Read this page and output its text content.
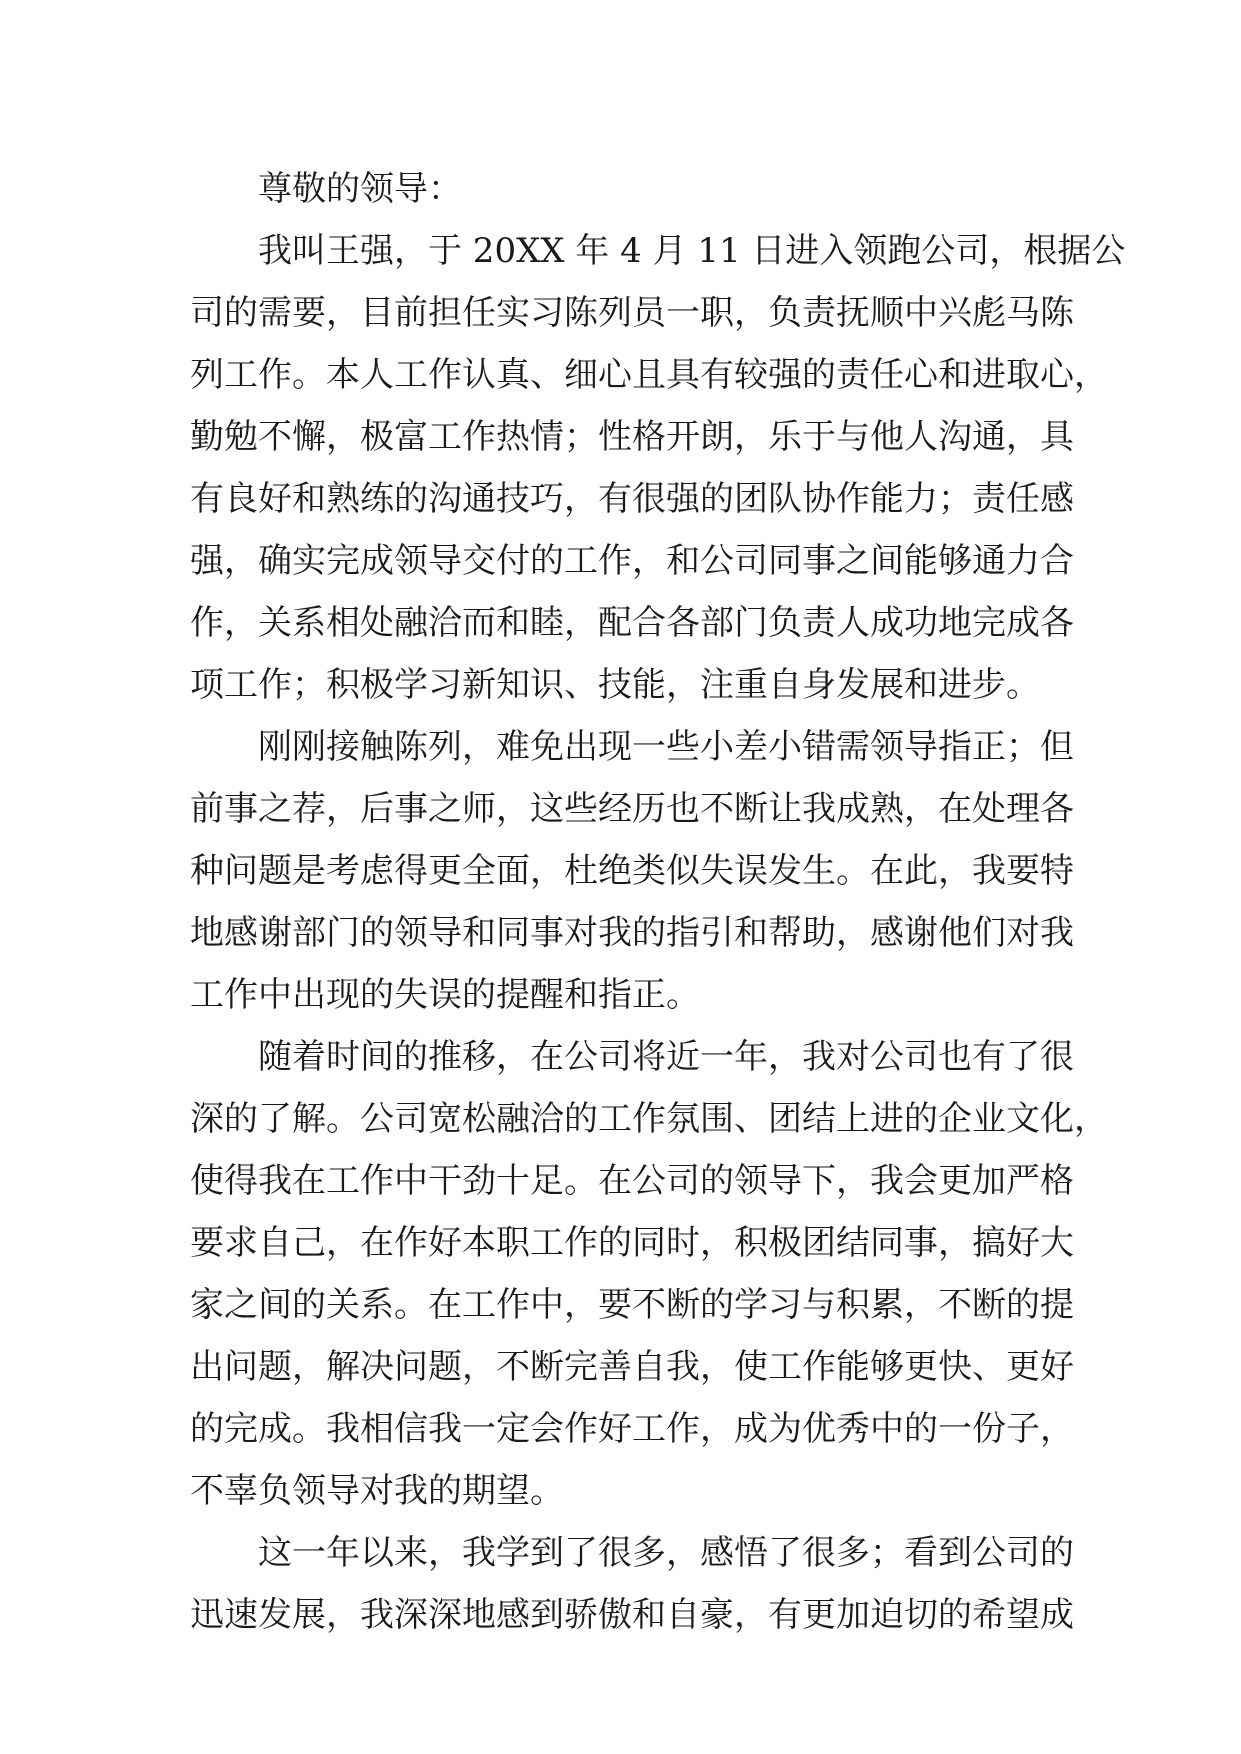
尊敬的领导：
我叫王强，于 20XX 年 4 月 11 日进入领跑公司，根据公
司的需要，目前担任实习陈列员一职，负责抚顺中兴彪马陈
列工作。本人工作认真、细心且具有较强的责任心和进取心，
勤勉不懈，极富工作热情；性格开朗，乐于与他人沟通，具
有良好和熟练的沟通技巧，有很强的团队协作能力；责任感
强，确实完成领导交付的工作，和公司同事之间能够通力合
作，关系相处融洽而和睦，配合各部门负责人成功地完成各
项工作；积极学习新知识、技能，注重自身发展和进步。
刚刚接触陈列，难免出现一些小差小错需领导指正；但
前事之荐，后事之师，这些经历也不断让我成熟，在处理各
种问题是考虑得更全面，杜绝类似失误发生。在此，我要特
地感谢部门的领导和同事对我的指引和帮助，感谢他们对我
工作中出现的失误的提醒和指正。
随着时间的推移，在公司将近一年，我对公司也有了很
深的了解。公司宽松融洽的工作氛围、团结上进的企业文化，
使得我在工作中干劲十足。在公司的领导下，我会更加严格
要求自己，在作好本职工作的同时，积极团结同事，搞好大
家之间的关系。在工作中，要不断的学习与积累，不断的提
出问题，解决问题，不断完善自我，使工作能够更快、更好
的完成。我相信我一定会作好工作，成为优秀中的一份子，
不辜负领导对我的期望。
这一年以来，我学到了很多，感悟了很多；看到公司的
迅速发展，我深深地感到骄傲和自豪，有更加迫切的希望成
